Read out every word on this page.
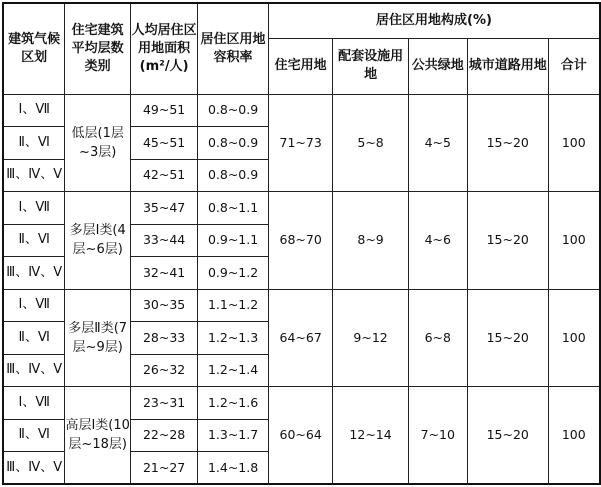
建筑气候区划	住宅建筑平均层数类别	人均居住区用地面积(m²/人)	居住区用地容积率	居住区用地构成(%)				
				住宅用地	配套设施用地	公共绿地	城市道路用地	合计
Ⅰ、Ⅶ	低层(1层~3层)	49~51	0.8~0.9	71~73	5~8	4~5	15~20	100
Ⅱ、Ⅵ		45~51	0.8~0.9					
Ⅲ、Ⅳ、Ⅴ		42~51	0.8~0.9					
Ⅰ、Ⅶ	多层Ⅰ类(4层~6层)	35~47	0.8~1.1	68~70	8~9	4~6	15~20	100
Ⅱ、Ⅵ		33~44	0.9~1.1					
Ⅲ、Ⅳ、Ⅴ		32~41	0.9~1.2					
Ⅰ、Ⅶ	多层Ⅱ类(7层~9层)	30~35	1.1~1.2	64~67	9~12	6~8	15~20	100
Ⅱ、Ⅵ		28~33	1.2~1.3					
Ⅲ、Ⅳ、Ⅴ		26~32	1.2~1.4					
Ⅰ、Ⅶ	高层Ⅰ类(10层~18层)	23~31	1.2~1.6	60~64	12~14	7~10	15~20	100
Ⅱ、Ⅵ		22~28	1.3~1.7					
Ⅲ、Ⅳ、Ⅴ		21~27	1.4~1.8					
